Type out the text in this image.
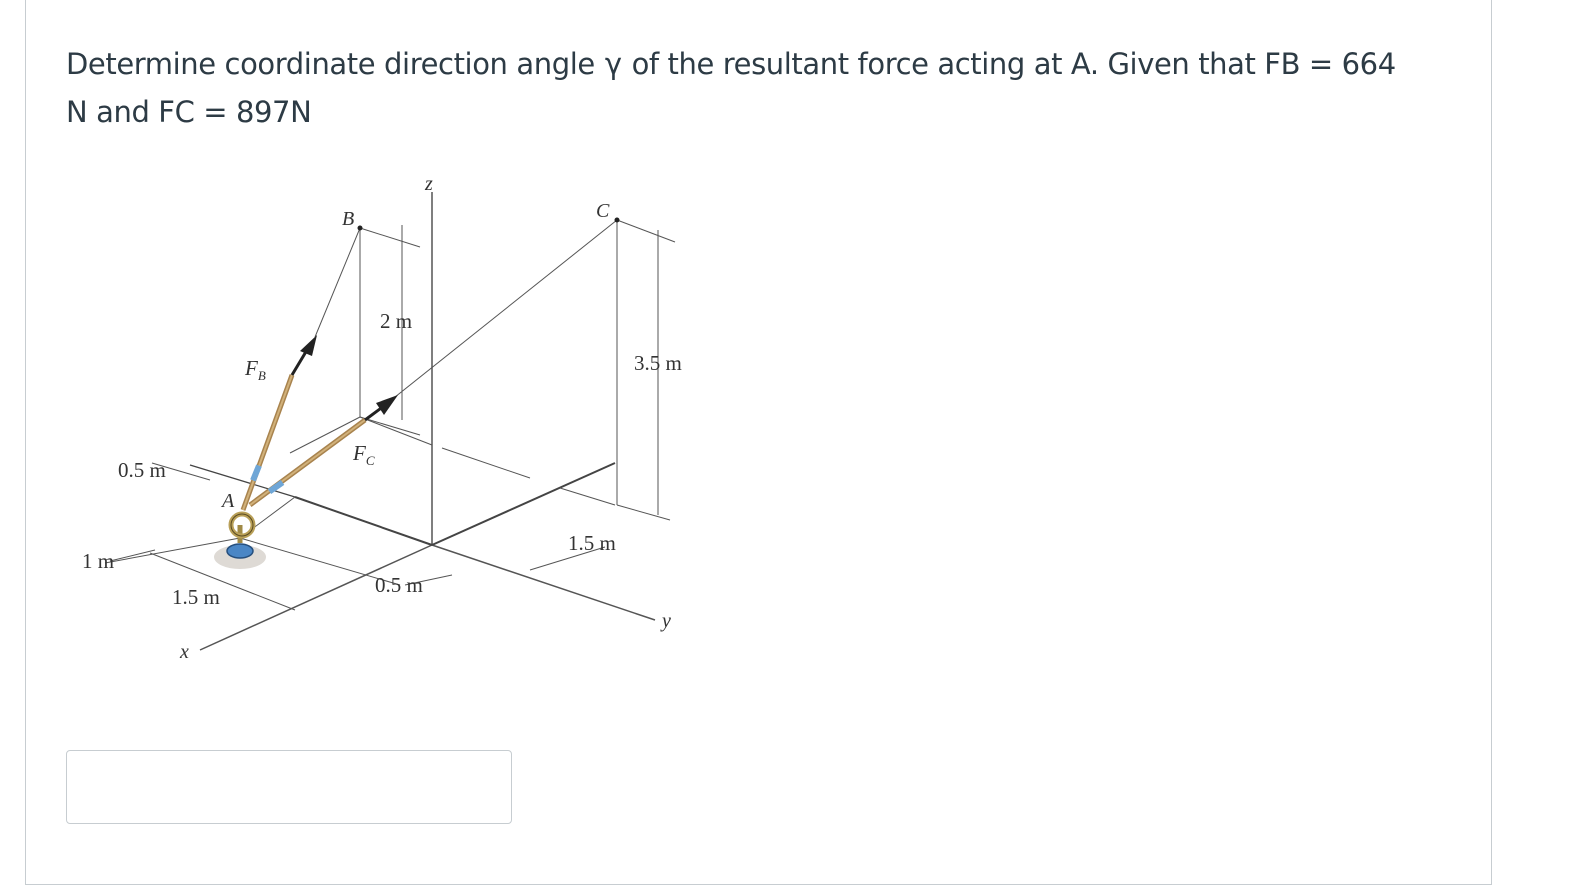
Determine coordinate direction angle γ of the resultant force acting at A. Given that FB = 664 N and FC = 897N
z
x
y
A
B	C
$F_B$
$F_C$
2 m
3.5 m
0.5 m
1 m
1.5 m	0.5 m
1.5 m
